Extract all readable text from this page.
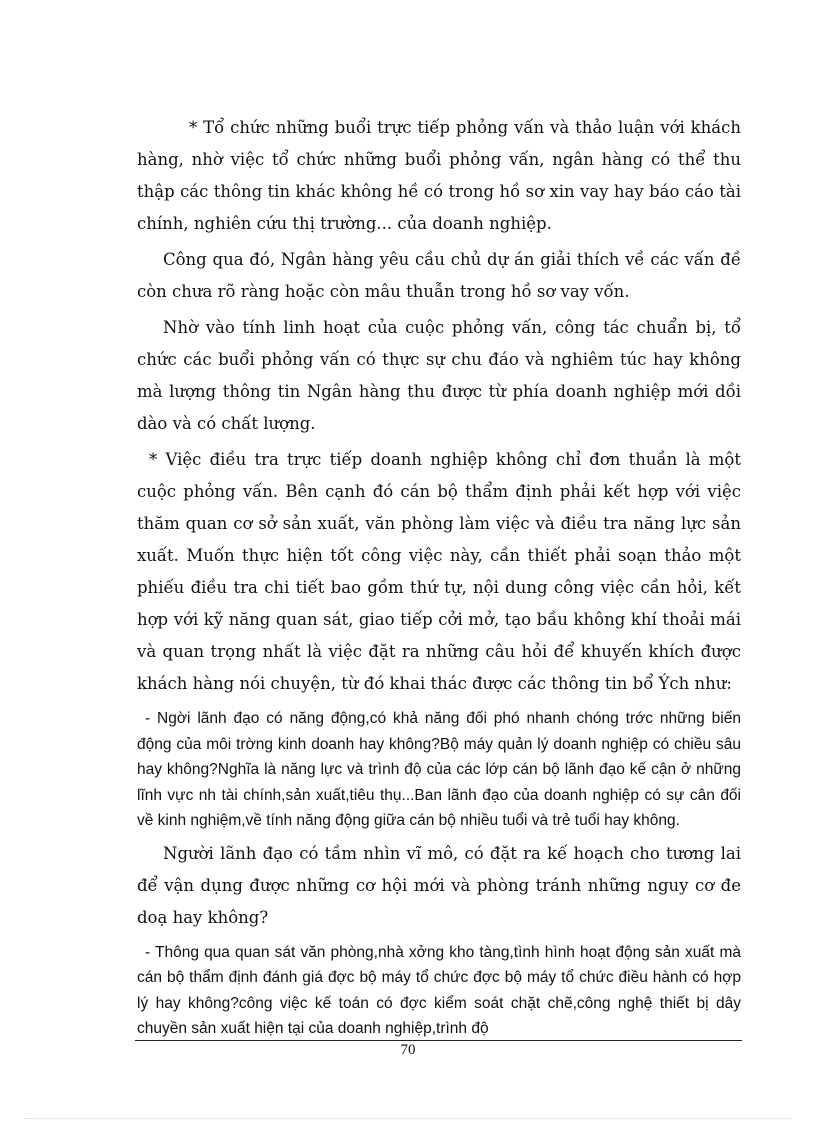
* Tổ chức những buổi trực tiếp phỏng vấn và thảo luận với khách hàng, nhờ việc tổ chức những buổi phỏng vấn, ngân hàng có thể thu thập các thông tin khác không hề có trong hồ sơ xin vay hay báo cáo tài chính, nghiên cứu thị trường... của doanh nghiệp.

Công qua đó, Ngân hàng yêu cầu chủ dự án giải thích về các vấn đề còn chưa rõ ràng hoặc còn mâu thuẫn trong hồ sơ vay vốn.

Nhờ vào tính linh hoạt của cuộc phỏng vấn, công tác chuẩn bị, tổ chức các buổi phỏng vấn có thực sự chu đáo và nghiêm túc hay không mà lượng thông tin Ngân hàng thu được từ phía doanh nghiệp mới dồi dào và có chất lượng.

* Việc điều tra trực tiếp doanh nghiệp không chỉ đơn thuần là một cuộc phỏng vấn. Bên cạnh đó cán bộ thẩm định phải kết hợp với việc thăm quan cơ sở sản xuất, văn phòng làm việc và điều tra năng lực sản xuất. Muốn thực hiện tốt công việc này, cần thiết phải soạn thảo một phiếu điều tra chi tiết bao gồm thứ tự, nội dung công việc cần hỏi, kết hợp với kỹ năng quan sát, giao tiếp cởi mở, tạo bầu không khí thoải mái và quan trọng nhất là việc đặt ra những câu hỏi để khuyến khích được khách hàng nói chuyện, từ đó khai thác được các thông tin bổ Ých như:

- Ngời lãnh đạo có năng động,có khả năng đối phó nhanh chóng trớc những biến động của môi trờng kinh doanh hay không?Bộ máy quản lý doanh nghiệp có chiều sâu hay không?Nghĩa là năng lực và trình độ của các lớp cán bộ lãnh đạo kế cận ở những lĩnh vực nh tài chính,sản xuất,tiêu thụ...Ban lãnh đạo của doanh nghiệp có sự cân đối về kinh nghiệm,về tính năng động giữa cán bộ nhiều tuổi và trẻ tuổi hay không.

Người lãnh đạo có tầm nhìn vĩ mô, có đặt ra kế hoạch cho tương lai để vận dụng được những cơ hội mới và phòng tránh những nguy cơ đe doạ hay không?

- Thông qua quan sát văn phòng,nhà xởng kho tàng,tình hình hoạt động sản xuất mà cán bộ thẩm định đánh giá đợc bộ máy tổ chức đợc bộ máy tổ chức điều hành có hợp lý hay không?công việc kế toán có đợc kiểm soát chặt chẽ,công nghệ thiết bị dây chuyền sản xuất hiện tại của doanh nghiệp,trình độ

70
